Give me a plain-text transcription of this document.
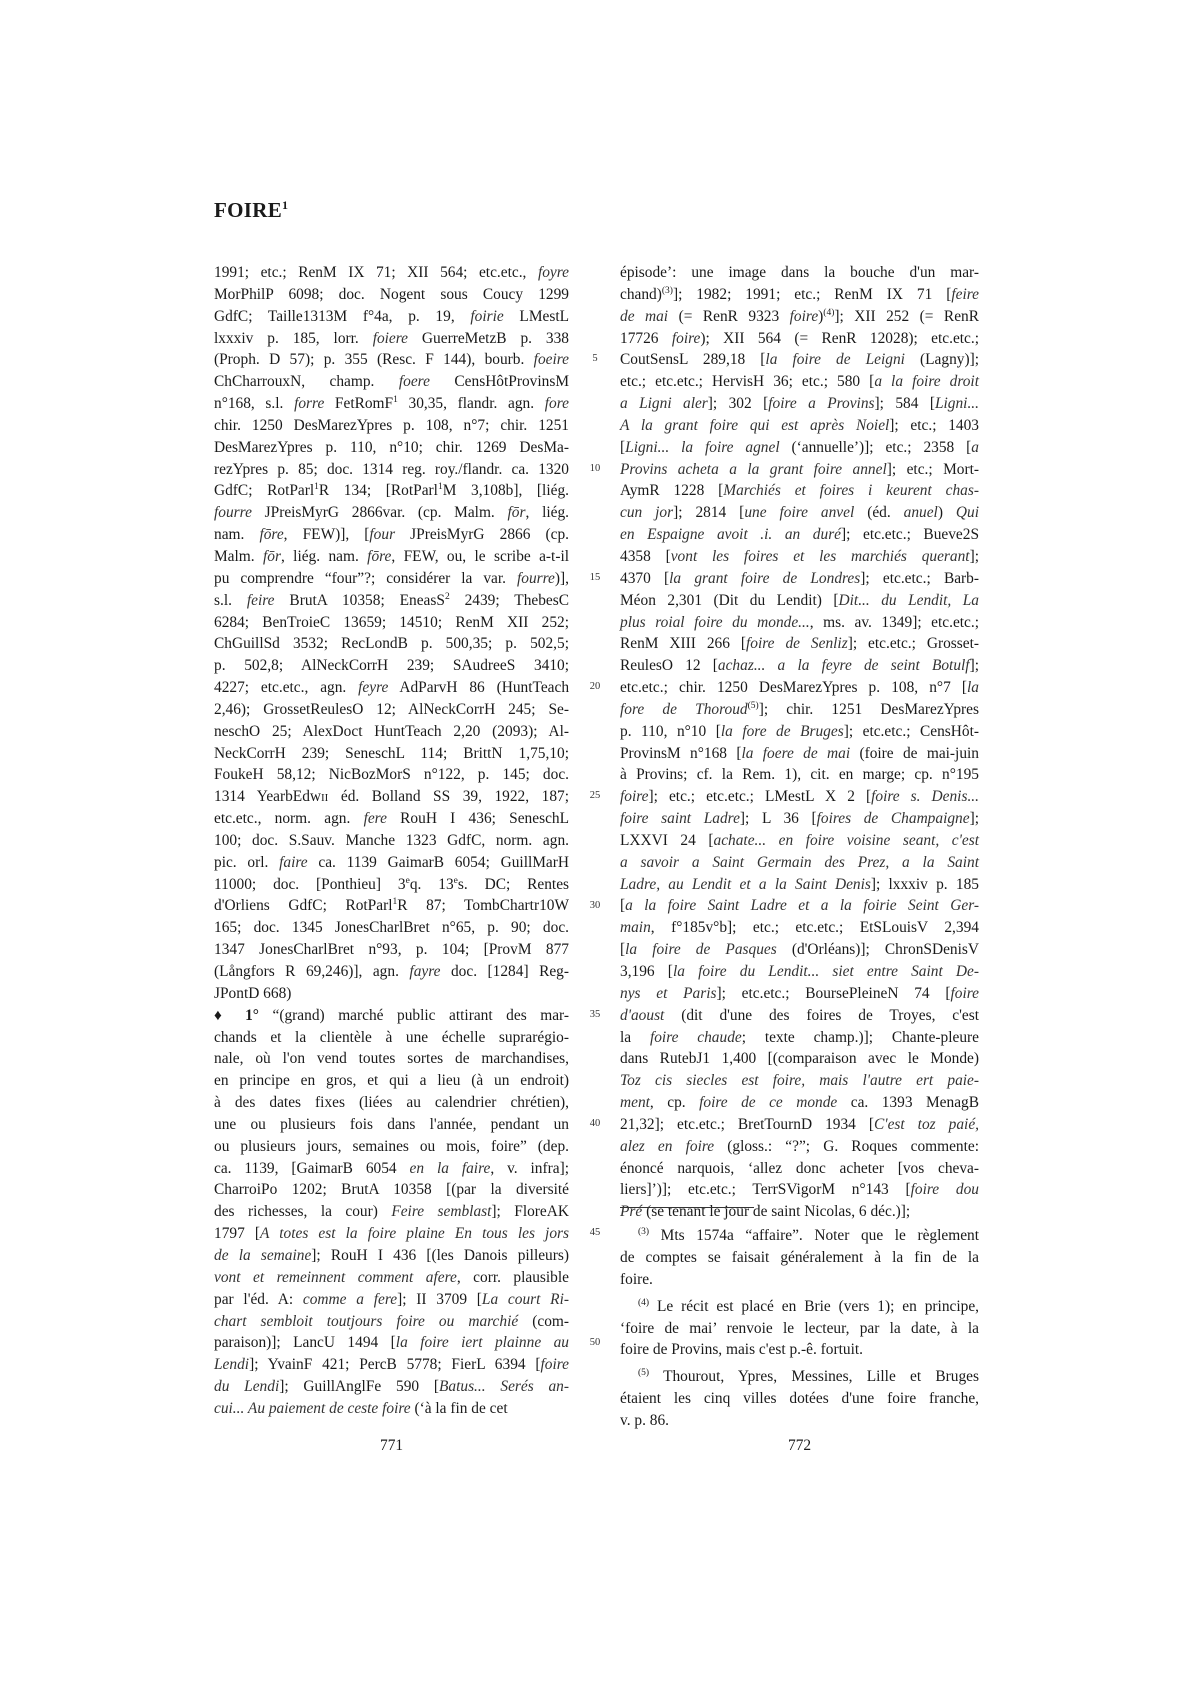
FOIRE$^1$

1991; etc.; RenM IX 71; XII 564; etc.etc., foyre

MorPhilP 6098; doc. Nogent sous Coucy 1299

GdfC; Taille1313M f°4a, p. 19, foirie LMestL

lxxxiv p. 185, lorr. foiere GuerreMetzB p. 338

(Proph. D 57); p. 355 (Resc. F 144), bourb. foeire

ChCharrouxN, champ. foere CensHôtProvinsM

n°168, s.l. forre FetRomF$^1$ 30,35, flandr. agn. fore

chir. 1250 DesMarezYpres p. 108, n°7; chir. 1251

DesMarezYpres p. 110, n°10; chir. 1269 DesMa-

rezYpres p. 85; doc. 1314 reg. roy./flandr. ca. 1320

GdfC; RotParl$^1$R 134; [RotParl$^1$M 3,108b], [liég.

fourre JPreisMyrG 2866var. (cp. Malm. fōr, liég.

nam. fōre, FEW)], [four JPreisMyrG 2866 (cp.

Malm. fōr, liég. nam. fōre, FEW, ou, le scribe a-t-il

pu comprendre “four”?; considérer la var. fourre)],

s.l. feire BrutA 10358; EneasS$^2$ 2439; ThebesC

6284; BenTroieC 13659; 14510; RenM XII 252;

ChGuillSd 3532; RecLondB p. 500,35; p. 502,5;

p. 502,8; AlNeckCorrH 239; SAudreeS 3410;

4227; etc.etc., agn. feyre AdParvH 86 (HuntTeach

2,46); GrossetReulesO 12; AlNeckCorrH 245; Se-

neschO 25; AlexDoct HuntTeach 2,20 (2093); Al-

NeckCorrH 239; SeneschL 114; BrittN 1,75,10;

FoukeH 58,12; NicBozMorS n°122, p. 145; doc.

1314 YearbEdwii éd. Bolland SS 39, 1922, 187;

etc.etc., norm. agn. fere RouH I 436; SeneschL

100; doc. S.Sauv. Manche 1323 GdfC, norm. agn.

pic. orl. faire ca. 1139 GaimarB 6054; GuillMarH

11000; doc. [Ponthieu] 3eq. 13es. DC; Rentes

d'Orliens GdfC; RotParl$^1$R 87; TombChartr10W

165; doc. 1345 JonesCharlBret n°65, p. 90; doc.

1347 JonesCharlBret n°93, p. 104; [ProvM 877

(Långfors R 69,246)], agn. fayre doc. [1284] Reg-

JPontD 668)

♦ 1° “(grand) marché public attirant des mar-

chands et la clientèle à une échelle suprarégio-

nale, où l'on vend toutes sortes de marchandises,

en principe en gros, et qui a lieu (à un endroit)

à des dates fixes (liées au calendrier chrétien),

une ou plusieurs fois dans l'année, pendant un

ou plusieurs jours, semaines ou mois, foire” (dep.

ca. 1139, [GaimarB 6054 en la faire, v. infra];

CharroiPo 1202; BrutA 10358 [(par la diversité

des richesses, la cour) Feire semblast]; FloreAK

1797 [A totes est la foire plaine En tous les jors

de la semaine]; RouH I 436 [(les Danois pilleurs)

vont et remeinnent comment afere, corr. plausible

par l'éd. A: comme a fere]; II 3709 [La court Ri-

chart sembloit toutjours foire ou marchié (com-

paraison)]; LancU 1494 [la foire iert plainne au

Lendi]; YvainF 421; PercB 5778; FierL 6394 [foire

du Lendi]; GuillAnglFe 590 [Batus... Serés an-

cui... Au paiement de ceste foire (‘à la fin de cet

épisode’: une image dans la bouche d'un mar-

chand)$^{(3)}$]; 1982; 1991; etc.; RenM IX 71 [feire

de mai (= RenR 9323 foire)$^{(4)}$]; XII 252 (= RenR

17726 foire); XII 564 (= RenR 12028); etc.etc.;

CoutSensL 289,18 [la foire de Leigni (Lagny)];

etc.; etc.etc.; HervisH 36; etc.; 580 [a la foire droit

a Ligni aler]; 302 [foire a Provins]; 584 [Ligni...

A la grant foire qui est après Noiel]; etc.; 1403

[Ligni... la foire agnel (‘annuelle’)]; etc.; 2358 [a

Provins acheta a la grant foire annel]; etc.; Mort-

AymR 1228 [Marchiés et foires i keurent chas-

cun jor]; 2814 [une foire anvel (éd. anuel) Qui

en Espaigne avoit .i. an duré]; etc.etc.; Bueve2S

4358 [vont les foires et les marchiés querant];

4370 [la grant foire de Londres]; etc.etc.; Barb-

Méon 2,301 (Dit du Lendit) [Dit... du Lendit, La

plus roial foire du monde..., ms. av. 1349]; etc.etc.;

RenM XIII 266 [foire de Senliz]; etc.etc.; Grosset-

ReulesO 12 [achaz... a la feyre de seint Botulf];

etc.etc.; chir. 1250 DesMarezYpres p. 108, n°7 [la

fore de Thoroud$^{(5)}$]; chir. 1251 DesMarezYpres

p. 110, n°10 [la fore de Bruges]; etc.etc.; CensHôt-

ProvinsM n°168 [la foere de mai (foire de mai-juin

à Provins; cf. la Rem. 1), cit. en marge; cp. n°195

foire]; etc.; etc.etc.; LMestL X 2 [foire s. Denis...

foire saint Ladre]; L 36 [foires de Champaigne];

LXXVI 24 [achate... en foire voisine seant, c'est

a savoir a Saint Germain des Prez, a la Saint

Ladre, au Lendit et a la Saint Denis]; lxxxiv p. 185

[a la foire Saint Ladre et a la foirie Seint Ger-

main, f°185v°b]; etc.; etc.etc.; EtSLouisV 2,394

[la foire de Pasques (d'Orléans)]; ChronSDenisV

3,196 [la foire du Lendit... siet entre Saint De-

nys et Paris]; etc.etc.; BoursePleineN 74 [foire

d'aoust (dit d'une des foires de Troyes, c'est

la foire chaude; texte champ.)]; Chante-pleure

dans RutebJ1 1,400 [(comparaison avec le Monde)

Toz cis siecles est foire, mais l'autre ert paie-

ment, cp. foire de ce monde ca. 1393 MenagB

21,32]; etc.etc.; BretTournD 1934 [C'est toz paié,

alez en foire (gloss.: “?”; G. Roques commente:

énoncé narquois, ‘allez donc acheter [vos cheva-

liers]’)]; etc.etc.; TerrSVigorM n°143 [foire dou

Pré (se tenant le jour de saint Nicolas, 6 déc.)];

5
10
15
20
25
30
35
40
45
50
$^{(3)}$ Mts 1574a “affaire”. Noter que le règlement
de comptes se faisait généralement à la fin de la
foire.
$^{(4)}$ Le récit est placé en Brie (vers 1); en principe,
‘foire de mai’ renvoie le lecteur, par la date, à la
foire de Provins, mais c'est p.-ê. fortuit.
$^{(5)}$ Thourout, Ypres, Messines, Lille et Bruges
étaient les cinq villes dotées d'une foire franche,
v. p. 86.
771	772
